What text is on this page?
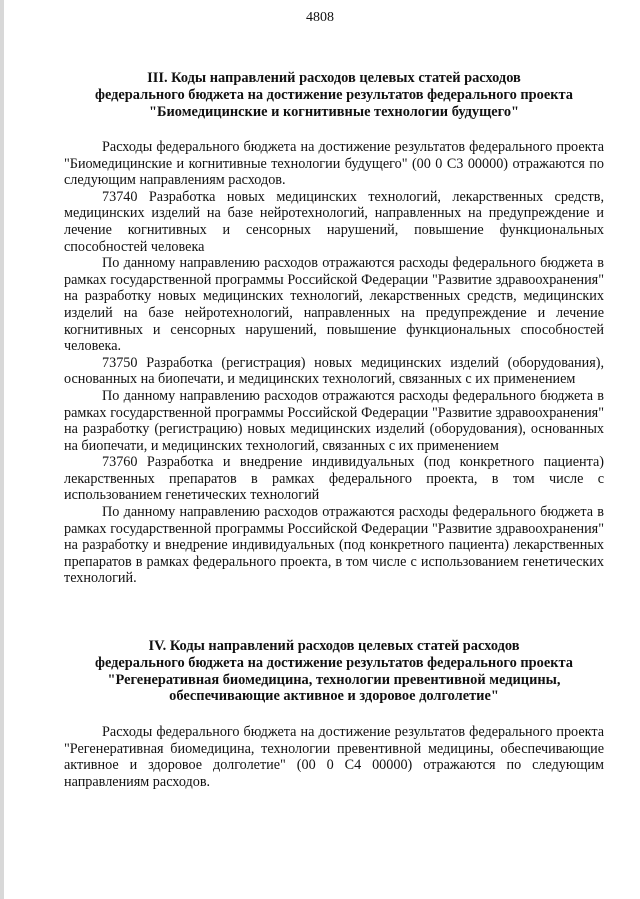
4808
III. Коды направлений расходов целевых статей расходов
федерального бюджета на достижение результатов федерального проекта
"Биомедицинские и когнитивные технологии будущего"

Расходы федерального бюджета на достижение результатов федерального проекта "Биомедицинские и когнитивные технологии будущего" (00 0 С3 00000) отражаются по следующим направлениям расходов.

73740 Разработка новых медицинских технологий, лекарственных средств, медицинских изделий на базе нейротехнологий, направленных на предупреждение и лечение когнитивных и сенсорных нарушений, повышение функциональных способностей человека

По данному направлению расходов отражаются расходы федерального бюджета в рамках государственной программы Российской Федерации "Развитие здравоохранения" на разработку новых медицинских технологий, лекарственных средств, медицинских изделий на базе нейротехнологий, направленных на предупреждение и лечение когнитивных и сенсорных нарушений, повышение функциональных способностей человека.

73750 Разработка (регистрация) новых медицинских изделий (оборудования), основанных на биопечати, и медицинских технологий, связанных с их применением

По данному направлению расходов отражаются расходы федерального бюджета в рамках государственной программы Российской Федерации "Развитие здравоохранения" на разработку (регистрацию) новых медицинских изделий (оборудования), основанных на биопечати, и медицинских технологий, связанных с их применением

73760 Разработка и внедрение индивидуальных (под конкретного пациента) лекарственных препаратов в рамках федерального проекта, в том числе с использованием генетических технологий

По данному направлению расходов отражаются расходы федерального бюджета в рамках государственной программы Российской Федерации "Развитие здравоохранения" на разработку и внедрение индивидуальных (под конкретного пациента) лекарственных препаратов в рамках федерального проекта, в том числе с использованием генетических технологий.

IV. Коды направлений расходов целевых статей расходов
федерального бюджета на достижение результатов федерального проекта
"Регенеративная биомедицина, технологии превентивной медицины,
обеспечивающие активное и здоровое долголетие"

Расходы федерального бюджета на достижение результатов федерального проекта "Регенеративная биомедицина, технологии превентивной медицины, обеспечивающие активное и здоровое долголетие" (00 0 С4 00000) отражаются по следующим направлениям расходов.
